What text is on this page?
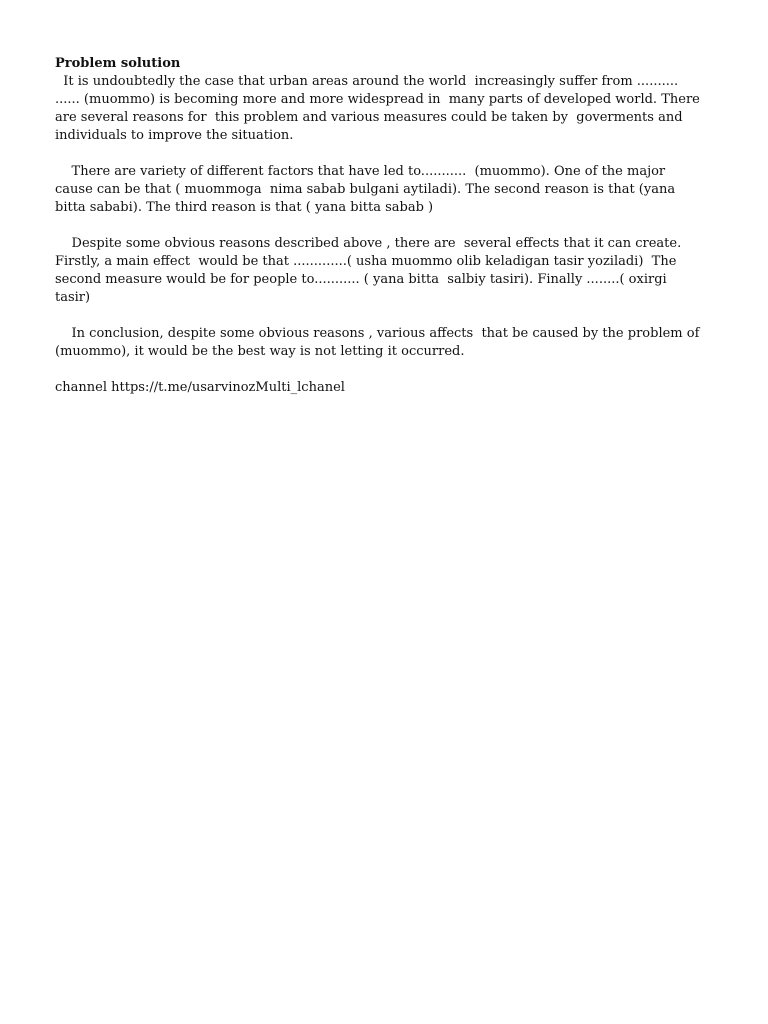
Problem solution

It is undoubtedly the case that urban areas around the world  increasingly suffer from .......... ...... (muommo) is becoming more and more widespread in  many parts of developed world. There are several reasons for  this problem and various measures could be taken by  goverments and individuals to improve the situation.

There are variety of different factors that have led to...........  (muommo). One of the major cause can be that ( muommoga  nima sabab bulgani aytiladi). The second reason is that (yana  bitta sababi). The third reason is that ( yana bitta sabab )

Despite some obvious reasons described above , there are  several effects that it can create. Firstly, a main effect  would be that .............( usha muommo olib keladigan tasir yoziladi)  The second measure would be for people to........... ( yana bitta  salbiy tasiri). Finally ........( oxirgi tasir)

In conclusion, despite some obvious reasons , various affects  that be caused by the problem of (muommo), it would be the best way is not letting it occurred.

channel https://t.me/usarvinozMulti_lchanel
